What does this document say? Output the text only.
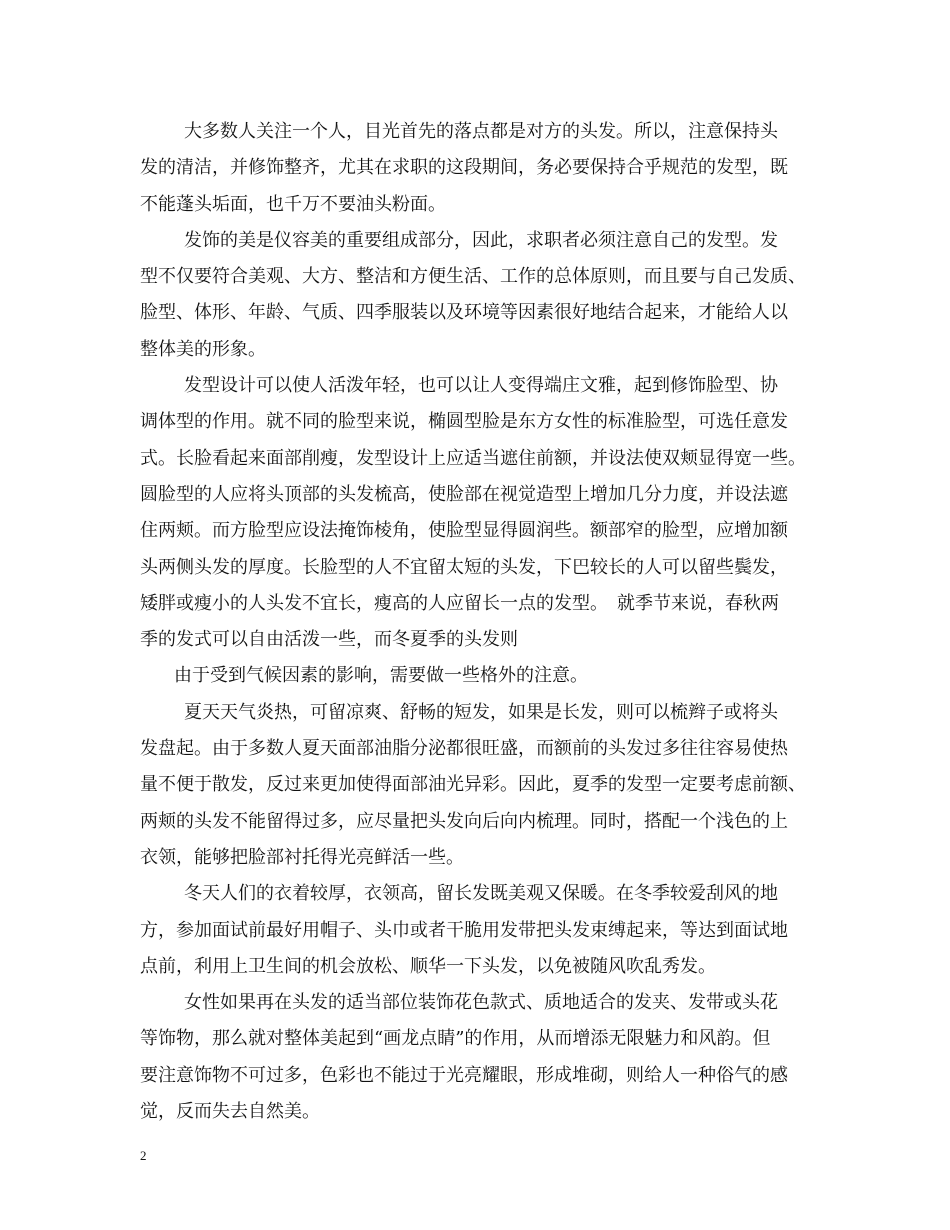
大多数人关注一个人，目光首先的落点都是对方的头发。所以，注意保持头
发的清洁，并修饰整齐，尤其在求职的这段期间，务必要保持合乎规范的发型，既
不能蓬头垢面，也千万不要油头粉面。
发饰的美是仪容美的重要组成部分，因此，求职者必须注意自己的发型。发
型不仅要符合美观、大方、整洁和方便生活、工作的总体原则，而且要与自己发质、
脸型、体形、年龄、气质、四季服装以及环境等因素很好地结合起来，才能给人以
整体美的形象。
发型设计可以使人活泼年轻，也可以让人变得端庄文雅，起到修饰脸型、协
调体型的作用。就不同的脸型来说，椭圆型脸是东方女性的标准脸型，可选任意发
式。长脸看起来面部削瘦，发型设计上应适当遮住前额，并设法使双颊显得宽一些。
圆脸型的人应将头顶部的头发梳高，使脸部在视觉造型上增加几分力度，并设法遮
住两颊。而方脸型应设法掩饰棱角，使脸型显得圆润些。额部窄的脸型，应增加额
头两侧头发的厚度。长脸型的人不宜留太短的头发，下巴较长的人可以留些鬓发，
矮胖或瘦小的人头发不宜长，瘦高的人应留长一点的发型。　就季节来说，春秋两
季的发式可以自由活泼一些，而冬夏季的头发则
由于受到气候因素的影响，需要做一些格外的注意。
夏天天气炎热，可留凉爽、舒畅的短发，如果是长发，则可以梳辫子或将头
发盘起。由于多数人夏天面部油脂分泌都很旺盛，而额前的头发过多往往容易使热
量不便于散发，反过来更加使得面部油光异彩。因此，夏季的发型一定要考虑前额、
两颊的头发不能留得过多，应尽量把头发向后向内梳理。同时，搭配一个浅色的上
衣领，能够把脸部衬托得光亮鲜活一些。
冬天人们的衣着较厚，衣领高，留长发既美观又保暖。在冬季较爱刮风的地
方，参加面试前最好用帽子、头巾或者干脆用发带把头发束缚起来，等达到面试地
点前，利用上卫生间的机会放松、顺华一下头发，以免被随风吹乱秀发。
女性如果再在头发的适当部位装饰花色款式、质地适合的发夹、发带或头花
等饰物，那么就对整体美起到“画龙点睛”的作用，从而增添无限魅力和风韵。但
要注意饰物不可过多，色彩也不能过于光亮耀眼，形成堆砌，则给人一种俗气的感
觉，反而失去自然美。
2
